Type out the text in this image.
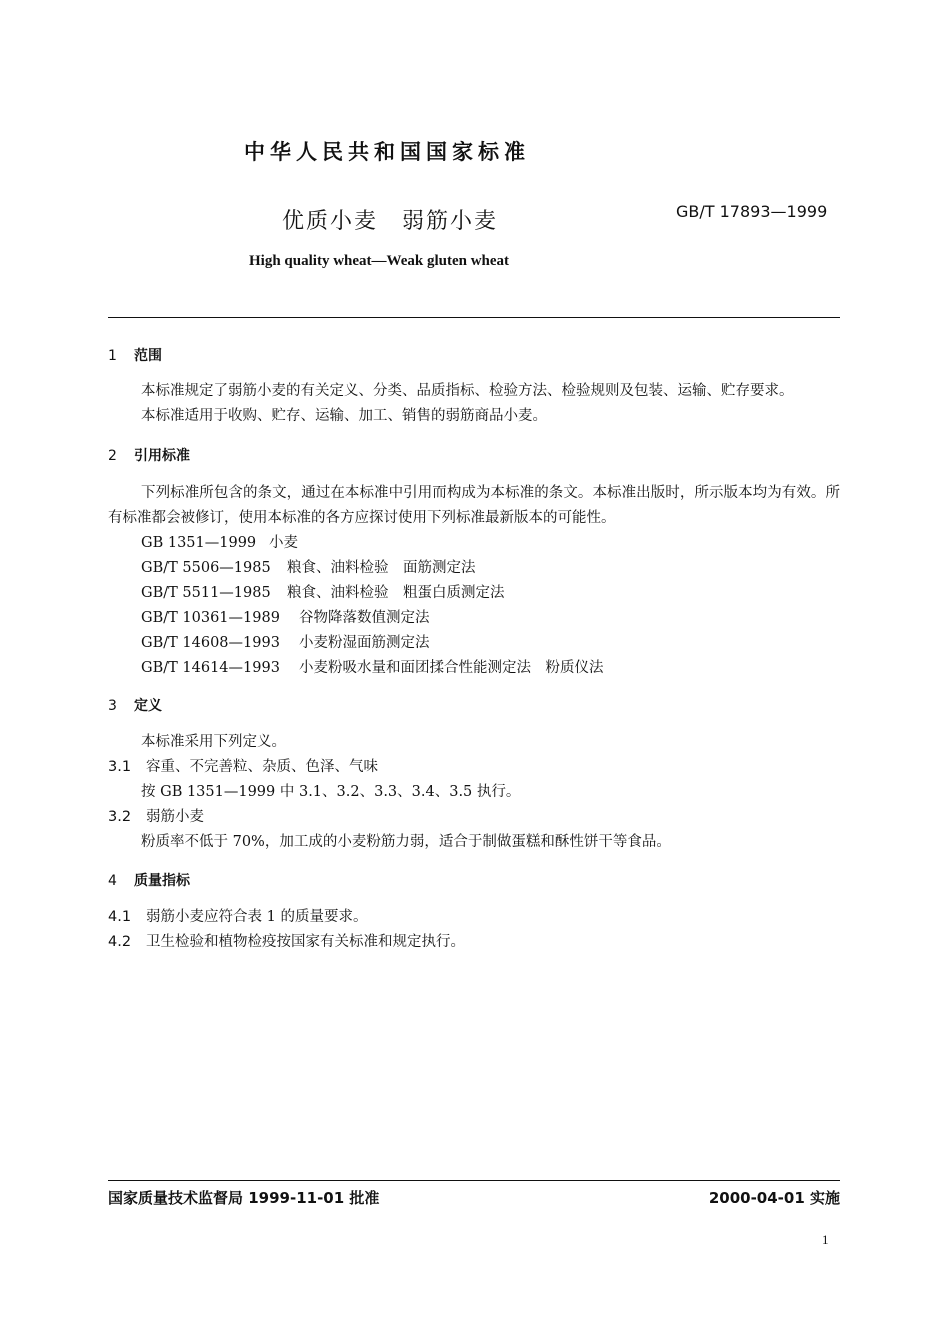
中华人民共和国国家标准
优质小麦　弱筋小麦	GB/T 17893—1999
High quality wheat—Weak gluten wheat
1 范围
本标准规定了弱筋小麦的有关定义、分类、品质指标、检验方法、检验规则及包装、运输、贮存要求。
本标准适用于收购、贮存、运输、加工、销售的弱筋商品小麦。
2 引用标准
下列标准所包含的条文，通过在本标准中引用而构成为本标准的条文。本标准出版时，所示版本均为有效。所有标准都会被修订，使用本标准的各方应探讨使用下列标准最新版本的可能性。
GB 1351—1999 小麦
GB/T 5506—1985 粮食、油料检验　面筋测定法
GB/T 5511—1985 粮食、油料检验　粗蛋白质测定法
GB/T 10361—1989 谷物降落数值测定法
GB/T 14608—1993 小麦粉湿面筋测定法
GB/T 14614—1993 小麦粉吸水量和面团揉合性能测定法　粉质仪法
3 定义
本标准采用下列定义。
3.1 容重、不完善粒、杂质、色泽、气味
按 GB 1351—1999 中 3.1、3.2、3.3、3.4、3.5 执行。
3.2 弱筋小麦
粉质率不低于 70%，加工成的小麦粉筋力弱，适合于制做蛋糕和酥性饼干等食品。
4 质量指标
4.1 弱筋小麦应符合表 1 的质量要求。
4.2 卫生检验和植物检疫按国家有关标准和规定执行。
国家质量技术监督局 1999-11-01 批准	2000-04-01 实施
1
